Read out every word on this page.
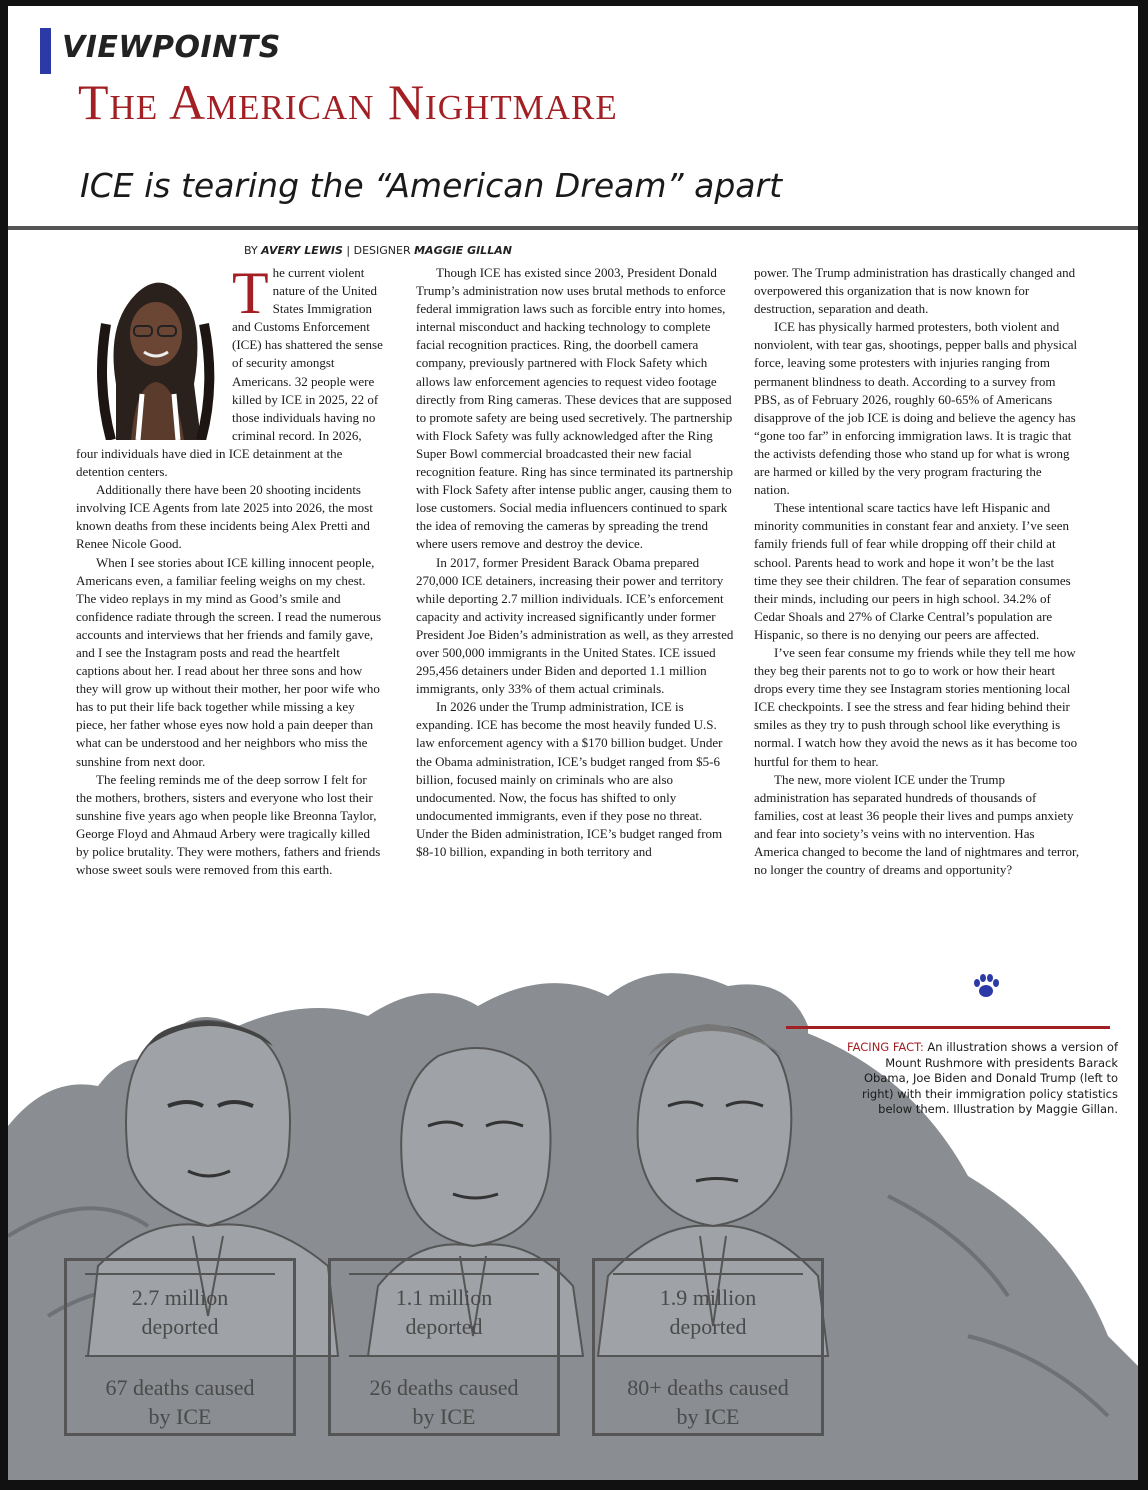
VIEWPOINTS
The American Nightmare
ICE is tearing the “American Dream” apart
BY AVERY LEWIS | DESIGNER MAGGIE GILLAN
T he current violent nature of the United States Immigration and Customs Enforcement (ICE) has shattered the sense of security amongst Americans. 32 people were killed by ICE in 2025, 22 of those individuals having no criminal record. In 2026, four individuals have died in ICE detainment at the detention centers.

Additionally there have been 20 shooting incidents involving ICE Agents from late 2025 into 2026, the most known deaths from these incidents being Alex Pretti and Renee Nicole Good.

When I see stories about ICE killing innocent people, Americans even, a familiar feeling weighs on my chest. The video replays in my mind as Good’s smile and confidence radiate through the screen. I read the numerous accounts and interviews that her friends and family gave, and I see the Instagram posts and read the heartfelt captions about her. I read about her three sons and how they will grow up without their mother, her poor wife who has to put their life back together while missing a key piece, her father whose eyes now hold a pain deeper than what can be understood and her neighbors who miss the sunshine from next door.

The feeling reminds me of the deep sorrow I felt for the mothers, brothers, sisters and everyone who lost their sunshine five years ago when people like Breonna Taylor, George Floyd and Ahmaud Arbery were tragically killed by police brutality. They were mothers, fathers and friends whose sweet souls were removed from this earth.

Though ICE has existed since 2003, President Donald Trump’s administration now uses brutal methods to enforce federal immigration laws such as forcible entry into homes, internal misconduct and hacking technology to complete facial recognition practices. Ring, the doorbell camera company, previously partnered with Flock Safety which allows law enforcement agencies to request video footage directly from Ring cameras. These devices that are supposed to promote safety are being used secretively. The partnership with Flock Safety was fully acknowledged after the Ring Super Bowl commercial broadcasted their new facial recognition feature. Ring has since terminated its partnership with Flock Safety after intense public anger, causing them to lose customers. Social media influencers continued to spark the idea of removing the cameras by spreading the trend where users remove and destroy the device.

In 2017, former President Barack Obama prepared 270,000 ICE detainers, increasing their power and territory while deporting 2.7 million individuals. ICE’s enforcement capacity and activity increased significantly under former President Joe Biden’s administration as well, as they arrested over 500,000 immigrants in the United States. ICE issued 295,456 detainers under Biden and deported 1.1 million immigrants, only 33% of them actual criminals.

In 2026 under the Trump administration, ICE is expanding. ICE has become the most heavily funded U.S. law enforcement agency with a $170 billion budget. Under the Obama administration, ICE’s budget ranged from $5-6 billion, focused mainly on criminals who are also undocumented. Now, the focus has shifted to only undocumented immigrants, even if they pose no threat. Under the Biden administration, ICE’s budget ranged from $8-10 billion, expanding in both territory and

power. The Trump administration has drastically changed and overpowered this organization that is now known for destruction, separation and death.

ICE has physically harmed protesters, both violent and nonviolent, with tear gas, shootings, pepper balls and physical force, leaving some protesters with injuries ranging from permanent blindness to death. According to a survey from PBS, as of February 2026, roughly 60-65% of Americans disapprove of the job ICE is doing and believe the agency has “gone too far” in enforcing immigration laws. It is tragic that the activists defending those who stand up for what is wrong are harmed or killed by the very program fracturing the nation.

These intentional scare tactics have left Hispanic and minority communities in constant fear and anxiety. I’ve seen family friends full of fear while dropping off their child at school. Parents head to work and hope it won’t be the last time they see their children. The fear of separation consumes their minds, including our peers in high school. 34.2% of Cedar Shoals and 27% of Clarke Central’s population are Hispanic, so there is no denying our peers are affected.

I’ve seen fear consume my friends while they tell me how they beg their parents not to go to work or how their heart drops every time they see Instagram stories mentioning local ICE checkpoints. I see the stress and fear hiding behind their smiles as they try to push through school like everything is normal. I watch how they avoid the news as it has become too hurtful for them to hear.

The new, more violent ICE under the Trump administration has separated hundreds of thousands of families, cost at least 36 people their lives and pumps anxiety and fear into society’s veins with no intervention. Has America changed to become the land of nightmares and terror, no longer the country of dreams and opportunity?

FACING FACT: An illustration shows a version of Mount Rushmore with presidents Barack Obama, Joe Biden and Donald Trump (left to right) with their immigration policy statistics below them. Illustration by Maggie Gillan.
2.7 million deported
67 deaths caused by ICE
1.1 million deported
26 deaths caused by ICE
1.9 million deported
80+ deaths caused by ICE
